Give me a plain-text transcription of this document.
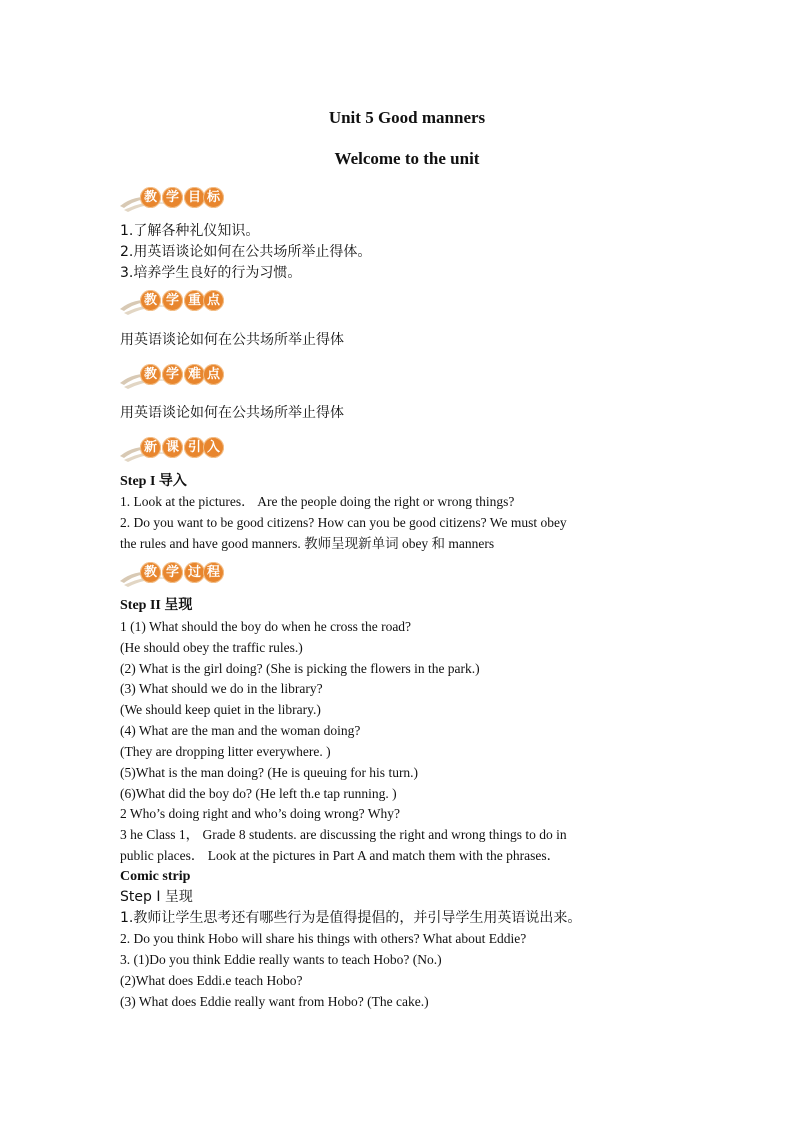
Unit 5 Good manners
Welcome to the unit
教 学 目 标
1.了解各种礼仪知识。
2.用英语谈论如何在公共场所举止得体。
3.培养学生良好的行为习惯。
教 学 重 点
用英语谈论如何在公共场所举止得体
教 学 难 点
用英语谈论如何在公共场所举止得体
新 课 引 入
Step I 导入
1. Look at the pictures． Are the people doing the right or wrong things?
2. Do you want to be good citizens? How can you be good citizens? We must obey
the rules and have good manners. 教师呈现新单词 obey 和 manners
教 学 过 程
Step II 呈现
1 (1) What should the boy do when he cross the road?
(He should obey the traffic rules.)
(2) What is the girl doing? (She is picking the flowers in the park.)
(3) What should we do in the library?
(We should keep quiet in the library.)
(4) What are the man and the woman doing?
(They are dropping litter everywhere. )
(5)What is the man doing? (He is queuing for his turn.)
(6)What did the boy do? (He left th.e tap running. )
2 Who’s doing right and who’s doing wrong? Why?
3 he Class 1， Grade 8 students. are discussing the right and wrong things to do in
public places． Look at the pictures in Part A and match them with the phrases．
Comic strip
Step I 呈现
1.教师让学生思考还有哪些行为是值得提倡的，并引导学生用英语说出来。
2. Do you think Hobo will share his things with others? What about Eddie?
3. (1)Do you think Eddie really wants to teach Hobo? (No.)
(2)What does Eddi.e teach Hobo?
(3) What does Eddie really want from Hobo? (The cake.)
